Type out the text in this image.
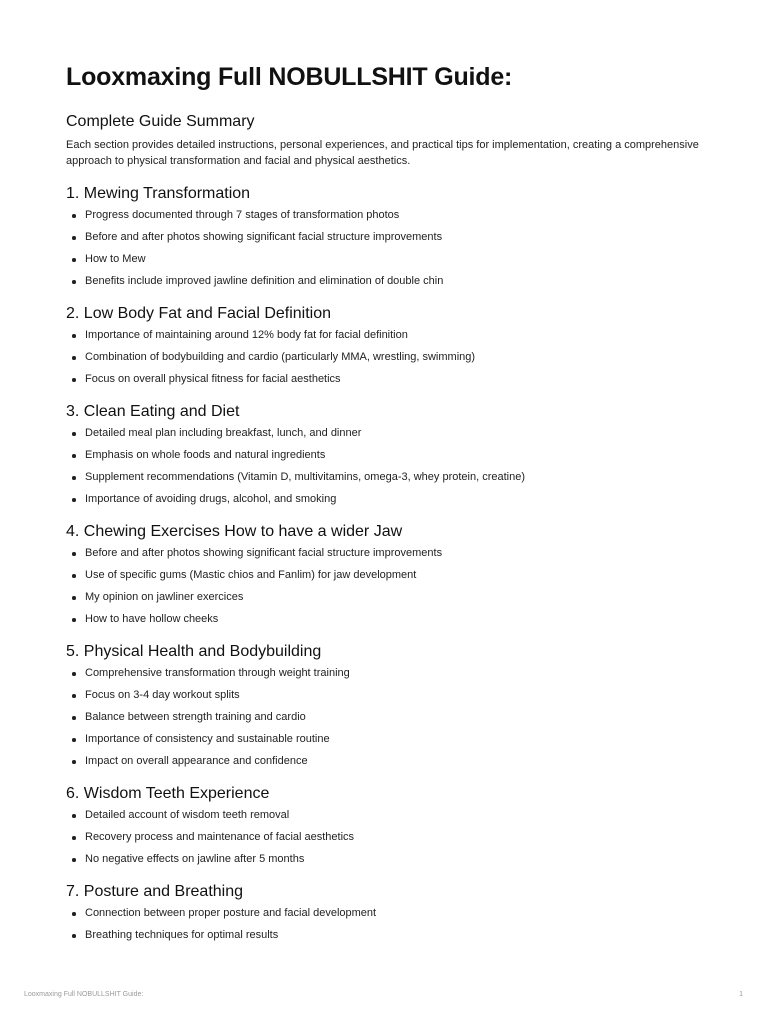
Looxmaxing Full NOBULLSHIT Guide:
Complete Guide Summary

Each section provides detailed instructions, personal experiences, and practical tips for implementation, creating a comprehensive approach to physical transformation and facial and physical aesthetics.

1. Mewing Transformation
Progress documented through 7 stages of transformation photos
Before and after photos showing significant facial structure improvements
How to Mew
Benefits include improved jawline definition and elimination of double chin
2. Low Body Fat and Facial Definition
Importance of maintaining around 12% body fat for facial definition
Combination of bodybuilding and cardio (particularly MMA, wrestling, swimming)
Focus on overall physical fitness for facial aesthetics
3. Clean Eating and Diet
Detailed meal plan including breakfast, lunch, and dinner
Emphasis on whole foods and natural ingredients
Supplement recommendations (Vitamin D, multivitamins, omega-3, whey protein, creatine)
Importance of avoiding drugs, alcohol, and smoking
4. Chewing Exercises How to have a wider Jaw
Before and after photos showing significant facial structure improvements
Use of specific gums (Mastic chios and Fanlim) for jaw development
My opinion on jawliner exercices
How to have hollow cheeks
5. Physical Health and Bodybuilding
Comprehensive transformation through weight training
Focus on 3-4 day workout splits
Balance between strength training and cardio
Importance of consistency and sustainable routine
Impact on overall appearance and confidence
6. Wisdom Teeth Experience
Detailed account of wisdom teeth removal
Recovery process and maintenance of facial aesthetics
No negative effects on jawline after 5 months
7. Posture and Breathing
Connection between proper posture and facial development
Breathing techniques for optimal results
Looxmaxing Full NOBULLSHIT Guide:	1
